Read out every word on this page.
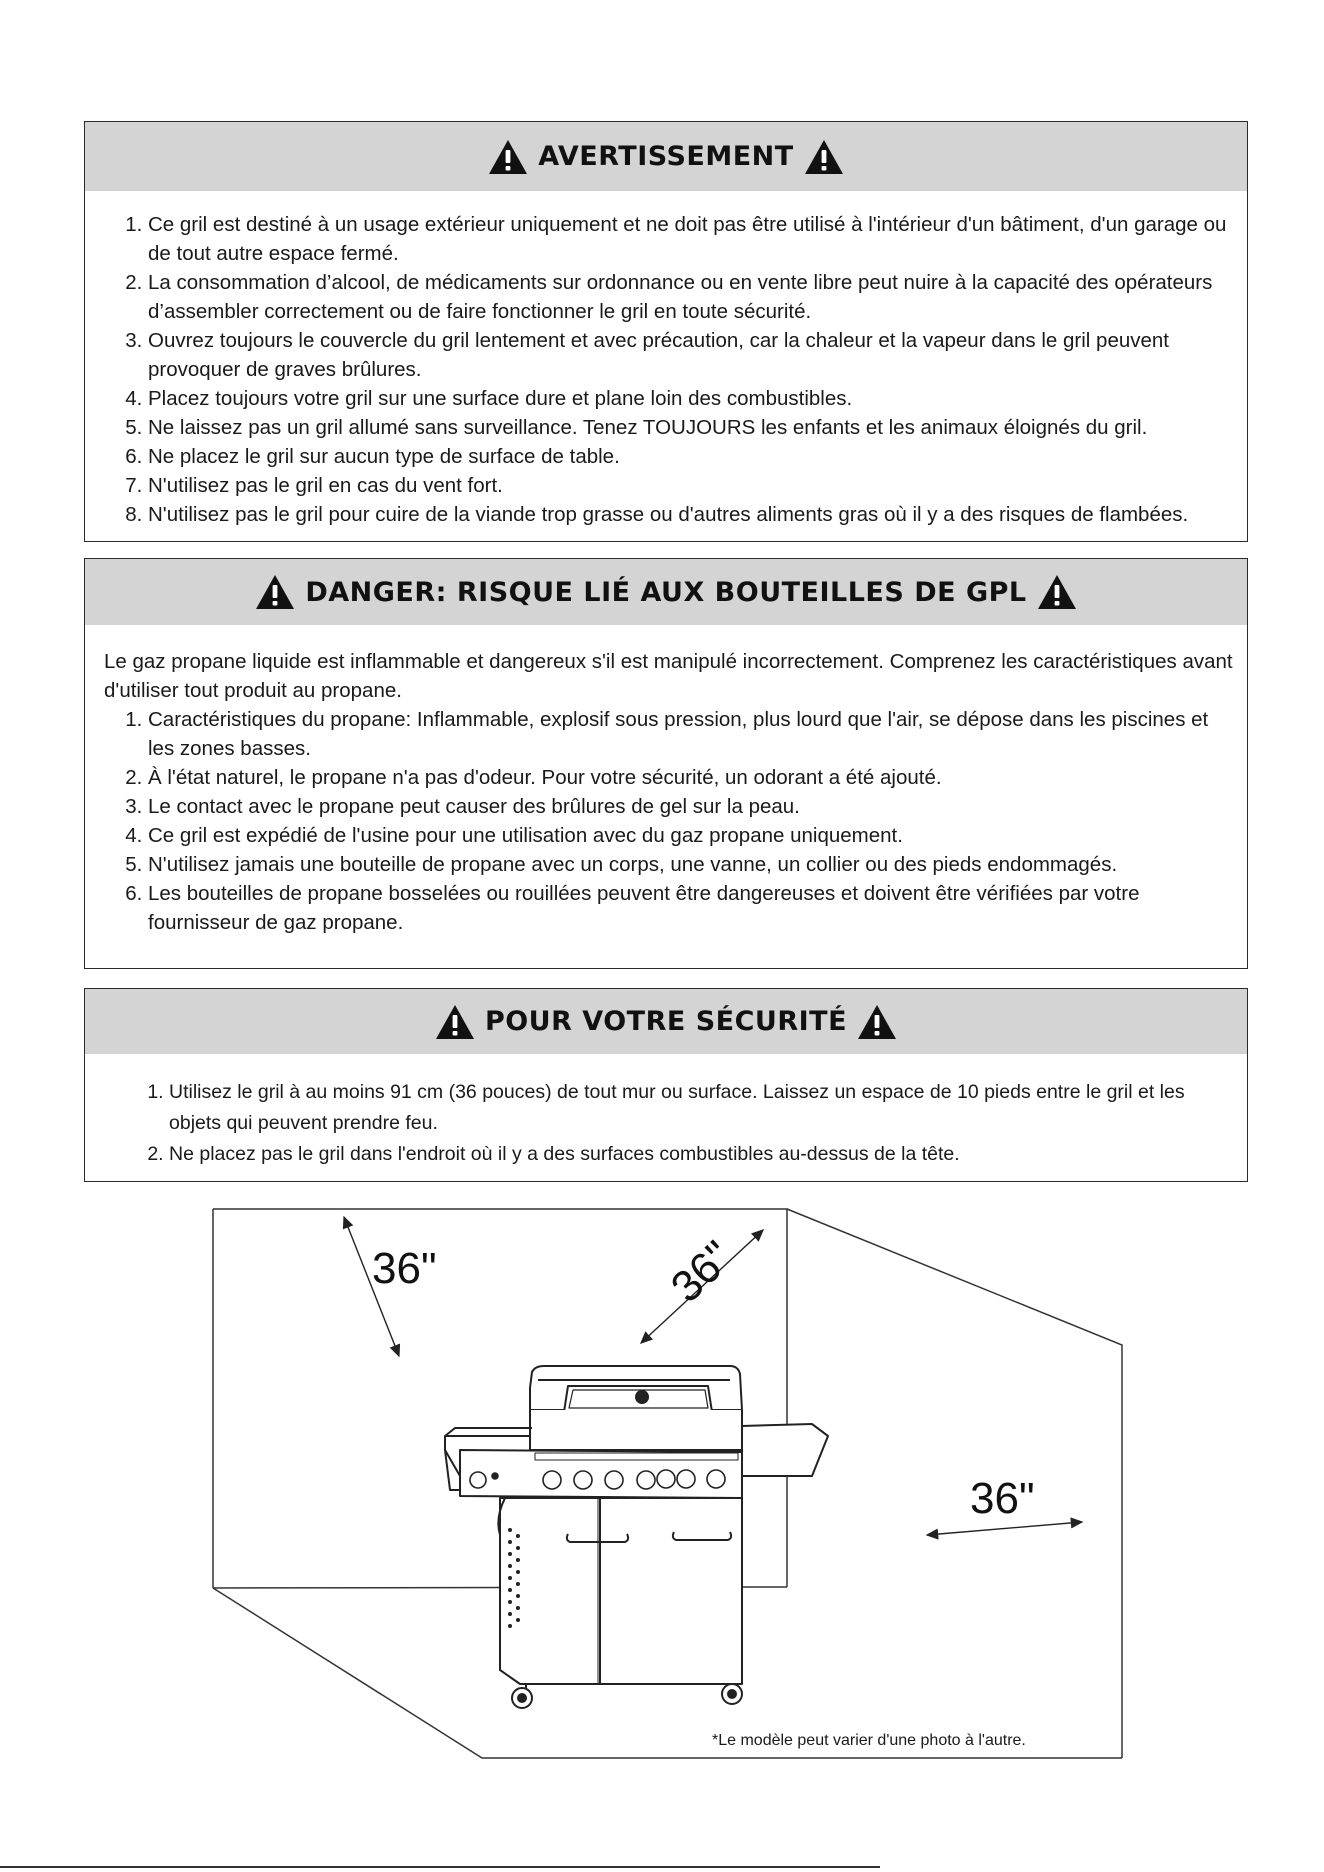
AVERTISSEMENT
1. Ce gril est destiné à un usage extérieur uniquement et ne doit pas être utilisé à l'intérieur d'un bâtiment, d'un garage ou de tout autre espace fermé.
2. La consommation d’alcool, de médicaments sur ordonnance ou en vente libre peut nuire à la capacité des opérateurs d’assembler correctement ou de faire fonctionner le gril en toute sécurité.
3. Ouvrez toujours le couvercle du gril lentement et avec précaution, car la chaleur et la vapeur dans le gril peuvent provoquer de graves brûlures.
4. Placez toujours votre gril sur une surface dure et plane loin des combustibles.
5. Ne laissez pas un gril allumé sans surveillance. Tenez TOUJOURS les enfants et les animaux éloignés du gril.
6. Ne placez le gril sur aucun type de surface de table.
7. N'utilisez pas le gril en cas du vent fort.
8. N'utilisez pas le gril pour cuire de la viande trop grasse ou d'autres aliments gras où il y a des risques de flambées.
DANGER: RISQUE LIÉ AUX BOUTEILLES DE GPL

Le gaz propane liquide est inflammable et dangereux s'il est manipulé incorrectement. Comprenez les caractéristiques avant d'utiliser tout produit au propane.

1. Caractéristiques du propane: Inflammable, explosif sous pression, plus lourd que l'air, se dépose dans les piscines et les zones basses.
2. À l'état naturel, le propane n'a pas d'odeur. Pour votre sécurité, un odorant a été ajouté.
3. Le contact avec le propane peut causer des brûlures de gel sur la peau.
4. Ce gril est expédié de l'usine pour une utilisation avec du gaz propane uniquement.
5. N'utilisez jamais une bouteille de propane avec un corps, une vanne, un collier ou des pieds endommagés.
6. Les bouteilles de propane bosselées ou rouillées peuvent être dangereuses et doivent être vérifiées par votre fournisseur de gaz propane.
POUR VOTRE SÉCURITÉ
1. Utilisez le gril à au moins 91 cm (36 pouces) de tout mur ou surface. Laissez un espace de 10 pieds entre le gril et les objets qui peuvent prendre feu.
2. Ne placez pas le gril dans l'endroit où il y a des surfaces combustibles au-dessus de la tête.
36"	36"
36"
*Le modèle peut varier d'une photo à l'autre.
